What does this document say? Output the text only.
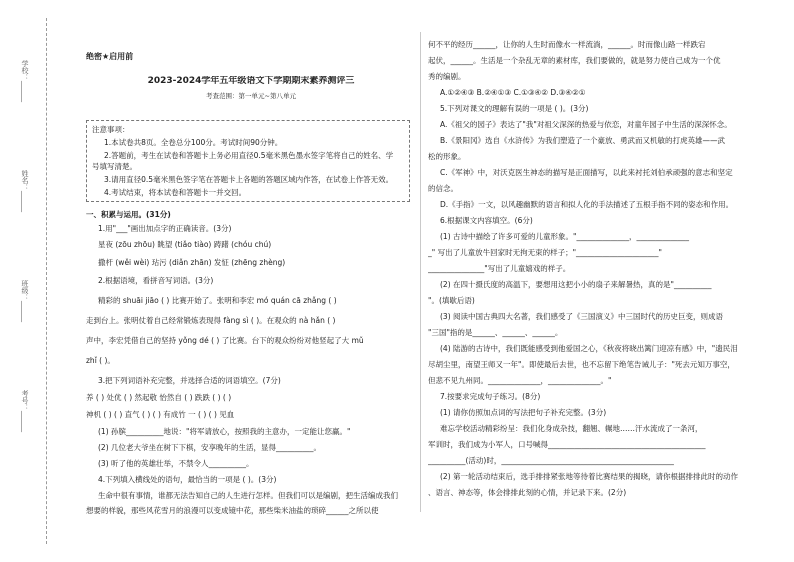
学校：______
姓名：______
班级：______
考号：______
绝密★启用前
2023-2024学年五年级语文下学期期末素养测评三
考查范围：第一单元~第八单元
注意事项：
1.本试卷共8页。全卷总分100分。考试时间90分钟。
2.答题前，考生在试卷和答题卡上务必用直径0.5毫米黑色墨水签字笔将自己的姓名、学
号填写清楚。
3.请用直径0.5毫米黑色签字笔在答题卡上各题的答题区域内作答，在试卷上作答无效。
4.考试结束，将本试卷和答题卡一并交回。
一、积累与运用。(31分)
1.用"___"画出加点字的正确读音。(3分)
星夜 (zōu zhōu) 眺望 (tiǎo tiào) 踌躇 (chóu chú)
撒杆 (wěi wèi) 玷污 (diǎn zhān) 发怔 (zhēng zhèng)
2.根据语境，看拼音写词语。(3分)
精彩的 shuāi jiāo ( ) 比赛开始了。张明和李宏 mó quán cā zhǎng ( )
走到台上。张明仗着自己经常锻炼表现得 fàng sì ( )。在观众的 nà hǎn ( )
声中，李宏凭借自己的坚持 yǒng dé ( ) 了比赛。台下的观众纷纷对他竖起了大 mǔ
zhǐ ( )。
3.把下列词语补充完整，并选择合适的词语填空。(7分)
养 ( ) 处优 ( ) 然起敬 怡然自 ( ) 跌跌 ( ) ( )
神机 ( ) ( ) 直气 ( ) ( ) 有成竹 一 ( ) ( ) 见血
(1) 孙膑__________地说："将军请放心，按照我的主意办，一定能让您赢。"
(2) 几位老大爷坐在树下下棋，安享晚年的生活，显得__________。
(3) 听了他的英雄壮举，不禁令人__________。
4.下列填入横线处的语句，最恰当的一项是 ( )。(3分)
生命中很有事情，谁都无法告知自己的人生进行怎样。但我们可以是编剧，把生活编成我们
想要的样貌，那些风花雪月的浪漫可以变成镜中花，那些柴米油盐的琐碎______之所以使
何不平的经历______，让你的人生时而像水一样流淌，______。时而像山路一样跌宕
起伏，______。生活是一个杂乱无章的素材库，我们要做的，就是努力使自己成为一个优
秀的编剧。
A.①②④③ B.②④①③ C.①③④② D.③④②①
5.下列对课文的理解有误的一项是 ( )。(3分)
A.《祖父的园子》表达了"我"对祖父深深的热爱与依恋，对童年园子中生活的深深怀念。
B.《景阳冈》选自《水浒传》为我们塑造了一个豪放、勇武而又机敏的打虎英雄——武
松的形象。
C.《军神》中，对沃克医生神态的描写是正面描写，以此来衬托刘伯承顽强的意志和坚定
的信念。
D.《手指》一文，以风趣幽默的语言和拟人化的手法描述了五根手指不同的姿态和作用。
6.根据课文内容填空。(6分)
(1) 古诗中描绘了许多可爱的儿童形象。"______________，______________
_" 写出了儿童放牛回家时无拘无束的样子；"______________________"
_______________"写出了儿童嬉戏的样子。
(2) 在四十摄氏度的高温下，要想用这把小小的扇子来解暑热，真的是"__________
"。(填歇后语)
(3) 阅读中国古典四大名著，我们感受了《三国演义》中三国时代的历史巨变，则成语
"三国"指的是______、______、______。
(4) 陆游的古诗中，我们既能感受到他爱国之心，《秋夜将晓出篱门迎凉有感》中，"遗民泪
尽胡尘里，南望王师又一年"。即使最后去世，也不忘留下绝笔告诫儿子："死去元知万事空，
但悲不见九州同。______________，______________。"
7.按要求完成句子练习。(8分)
(1) 请你仿照加点词的写法把句子补充完整。(3分)
难忘学校活动精彩纷呈：我们化身成杂技，翻翘、辗地……汗水流成了一条河，
军训时，我们成为小军人，口号喊得__________________________________________
__________(活动)时，______________________________________________
(2) 第一轮活动结束后，选手排排紧张地等待着比赛结果的揭晓，请你根据排排此时的动作
、语言、神态等，体会排排此刻的心情，并记录下来。(2分)
